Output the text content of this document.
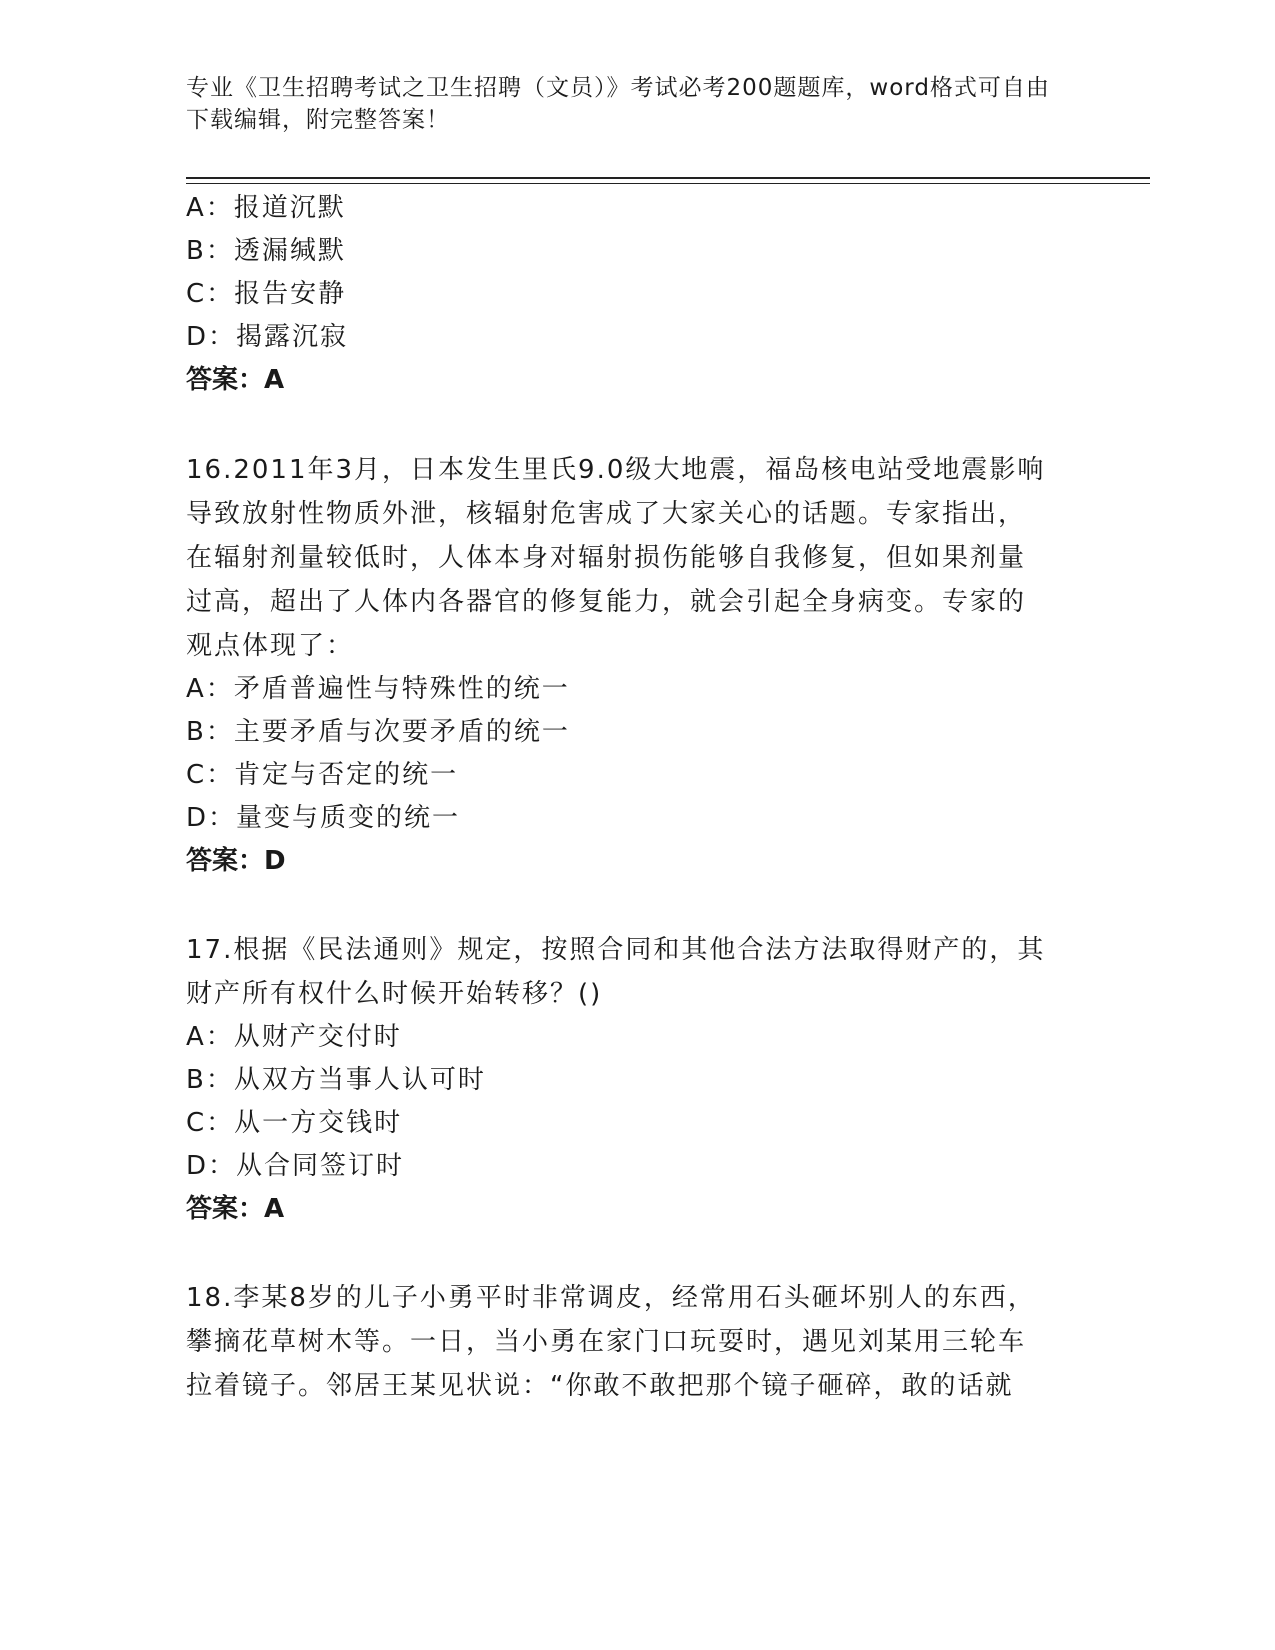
专业《卫生招聘考试之卫生招聘（文员）》考试必考200题题库，word格式可自由下载编辑，附完整答案！

A：报道沉默

B：透漏缄默

C：报告安静

D：揭露沉寂

答案：A

16.2011年3月，日本发生里氏9.0级大地震，福岛核电站受地震影响

导致放射性物质外泄，核辐射危害成了大家关心的话题。专家指出，

在辐射剂量较低时，人体本身对辐射损伤能够自我修复，但如果剂量

过高，超出了人体内各器官的修复能力，就会引起全身病变。专家的

观点体现了：

A：矛盾普遍性与特殊性的统一

B：主要矛盾与次要矛盾的统一

C：肯定与否定的统一

D：量变与质变的统一

答案：D

17.根据《民法通则》规定，按照合同和其他合法方法取得财产的，其

财产所有权什么时候开始转移？()

A：从财产交付时

B：从双方当事人认可时

C：从一方交钱时

D：从合同签订时

答案：A

18.李某8岁的儿子小勇平时非常调皮，经常用石头砸坏别人的东西，

攀摘花草树木等。一日，当小勇在家门口玩耍时，遇见刘某用三轮车

拉着镜子。邻居王某见状说：“你敢不敢把那个镜子砸碎，敢的话就
